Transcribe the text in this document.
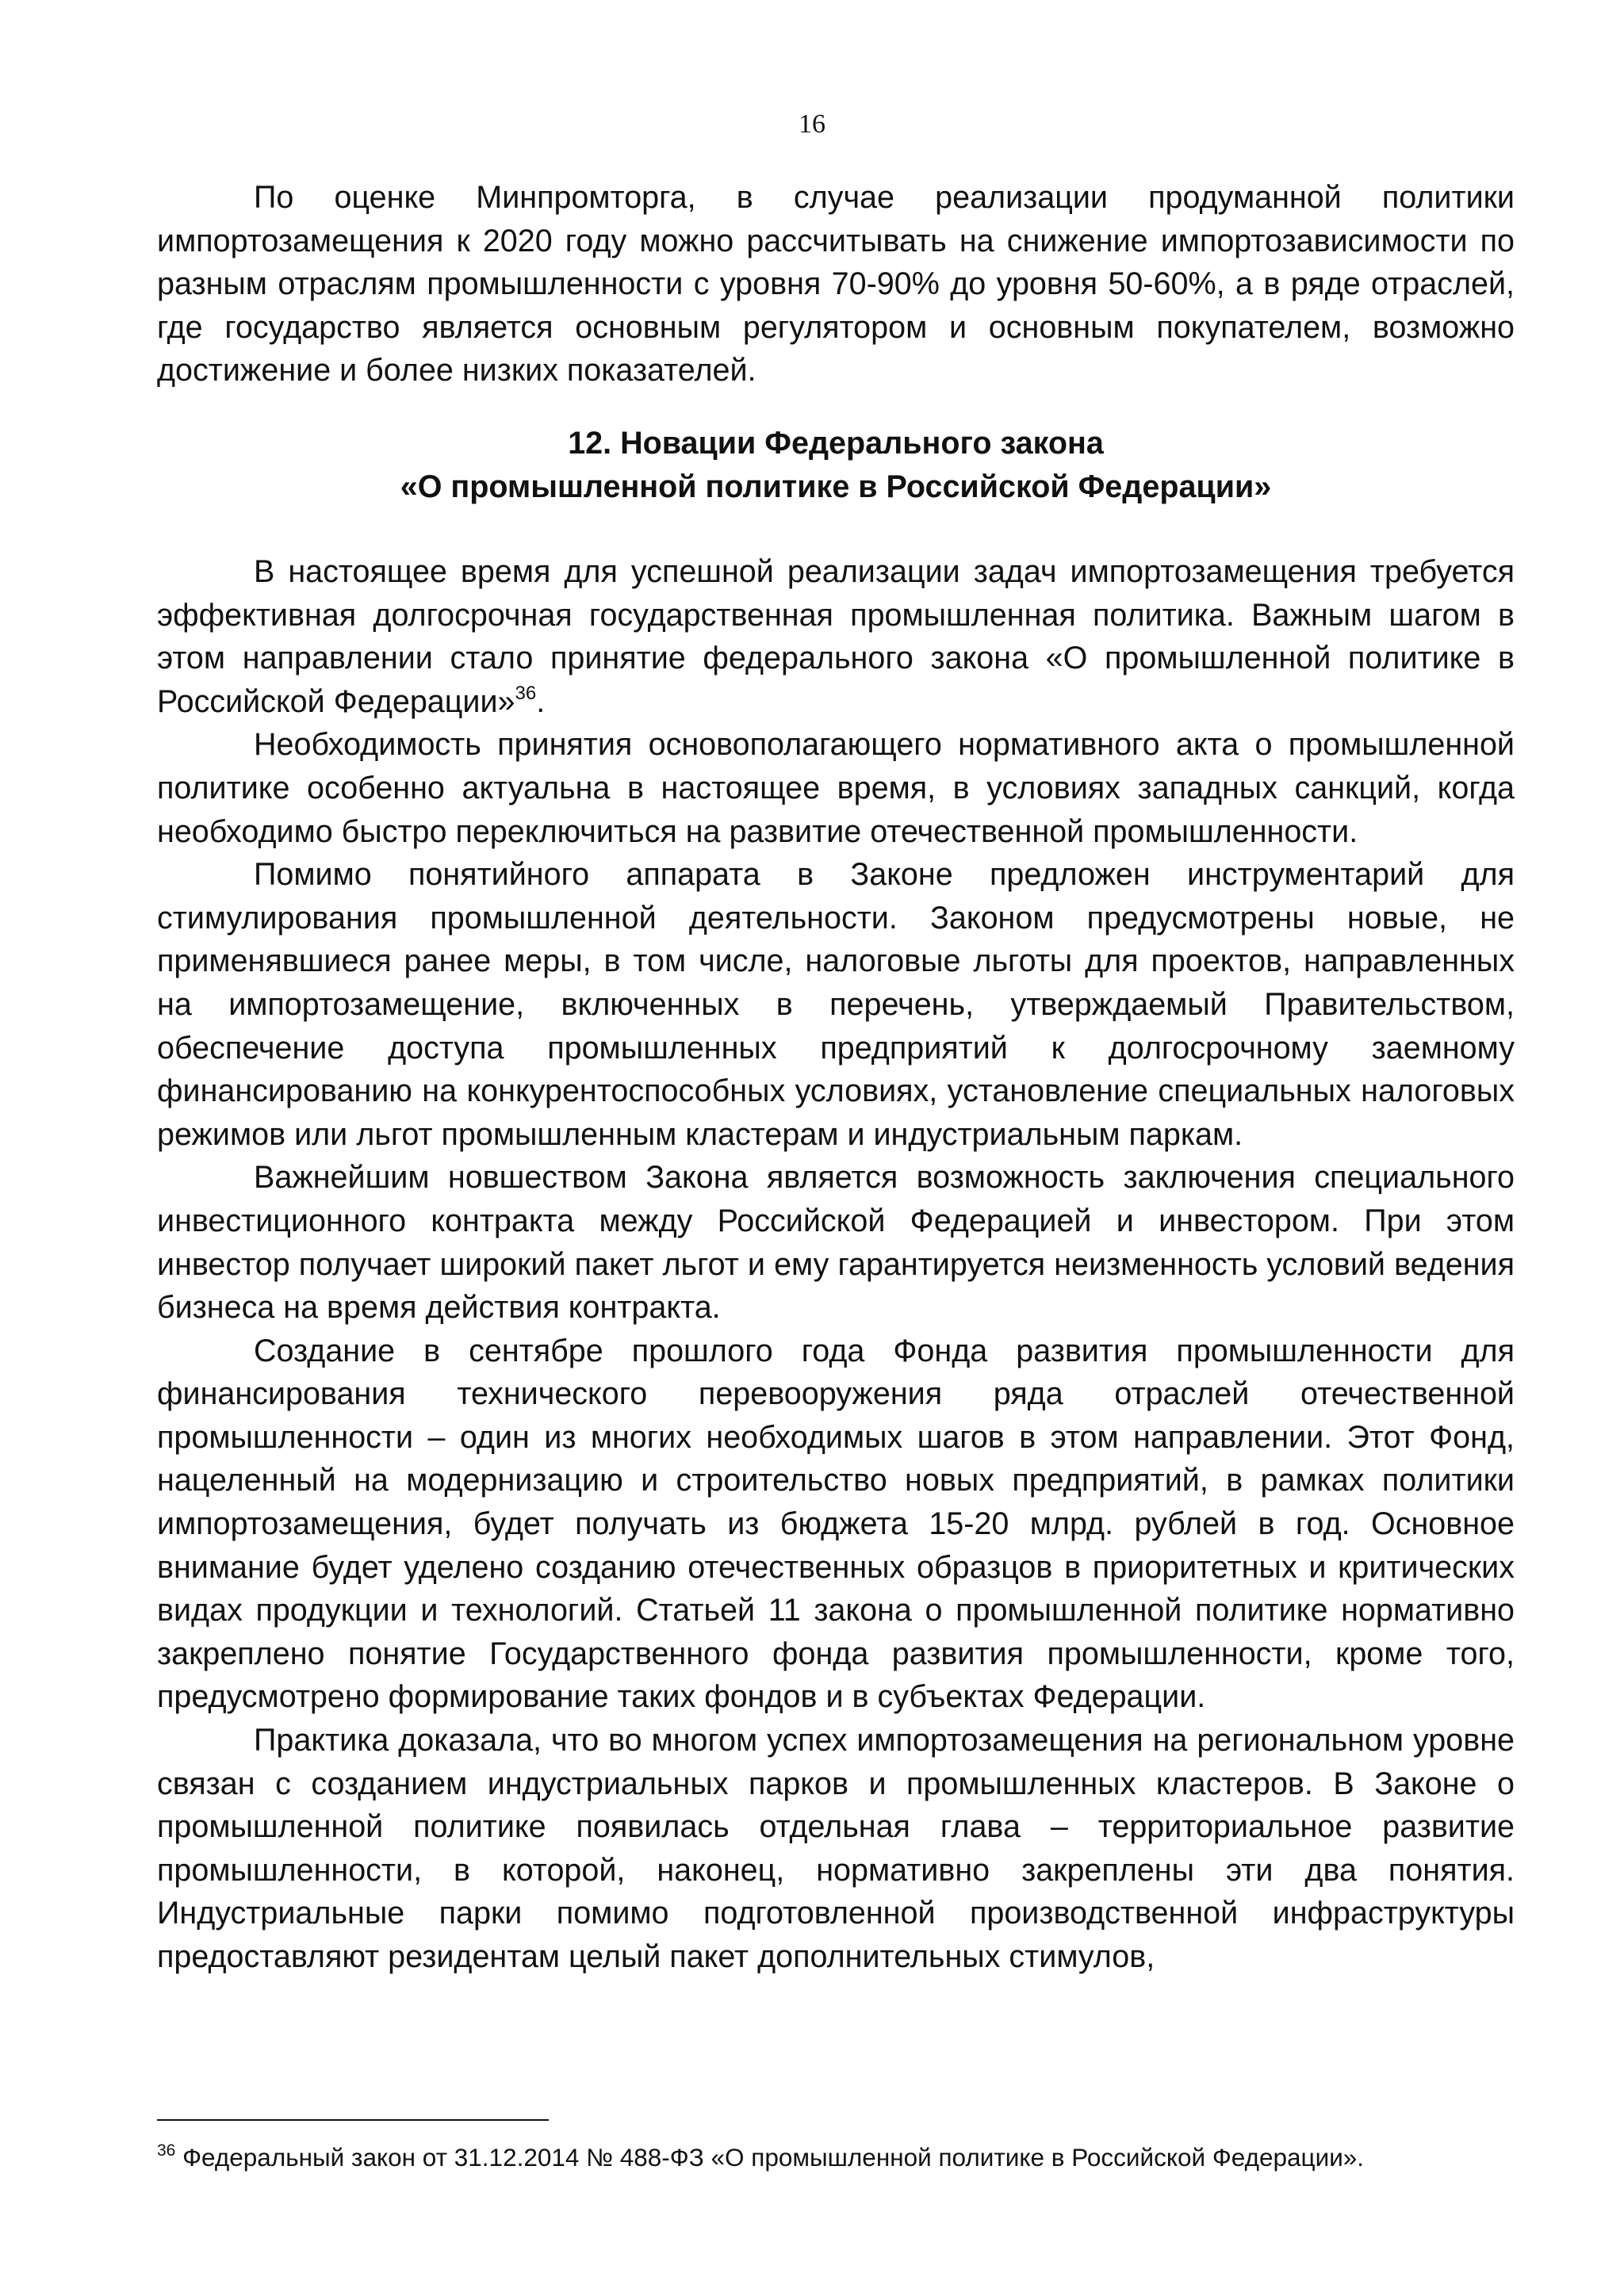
16

По оценке Минпромторга, в случае реализации продуманной политики импортозамещения к 2020 году можно рассчитывать на снижение импортозависимости по разным отраслям промышленности с уровня 70-90% до уровня 50-60%, а в ряде отраслей, где государство является основным регулятором и основным покупателем, возможно достижение и более низких показателей.

12. Новации Федерального закона
«О промышленной политике в Российской Федерации»

В настоящее время для успешной реализации задач импортозамещения требуется эффективная долгосрочная государственная промышленная политика. Важным шагом в этом направлении стало принятие федерального закона «О промышленной политике в Российской Федерации»$^{36}$.

Необходимость принятия основополагающего нормативного акта о промышленной политике особенно актуальна в настоящее время, в условиях западных санкций, когда необходимо быстро переключиться на развитие отечественной промышленности.

Помимо понятийного аппарата в Законе предложен инструментарий для стимулирования промышленной деятельности. Законом предусмотрены новые, не применявшиеся ранее меры, в том числе, налоговые льготы для проектов, направленных на импортозамещение, включенных в перечень, утверждаемый Правительством, обеспечение доступа промышленных предприятий к долгосрочному заемному финансированию на конкурентоспособных условиях, установление специальных налоговых режимов или льгот промышленным кластерам и индустриальным паркам.

Важнейшим новшеством Закона является возможность заключения специального инвестиционного контракта между Российской Федерацией и инвестором. При этом инвестор получает широкий пакет льгот и ему гарантируется неизменность условий ведения бизнеса на время действия контракта.

Создание в сентябре прошлого года Фонда развития промышленности для финансирования технического перевооружения ряда отраслей отечественной промышленности – один из многих необходимых шагов в этом направлении. Этот Фонд, нацеленный на модернизацию и строительство новых предприятий, в рамках политики импортозамещения, будет получать из бюджета 15-20 млрд. рублей в год. Основное внимание будет уделено созданию отечественных образцов в приоритетных и критических видах продукции и технологий. Статьей 11 закона о промышленной политике нормативно закреплено понятие Государственного фонда развития промышленности, кроме того, предусмотрено формирование таких фондов и в субъектах Федерации.

Практика доказала, что во многом успех импортозамещения на региональном уровне связан с созданием индустриальных парков и промышленных кластеров. В Законе о промышленной политике появилась отдельная глава – территориальное развитие промышленности, в которой, наконец, нормативно закреплены эти два понятия. Индустриальные парки помимо подготовленной производственной инфраструктуры предоставляют резидентам целый пакет дополнительных стимулов,

$^{36}$ Федеральный закон от 31.12.2014 № 488-ФЗ «О промышленной политике в Российской Федерации».
